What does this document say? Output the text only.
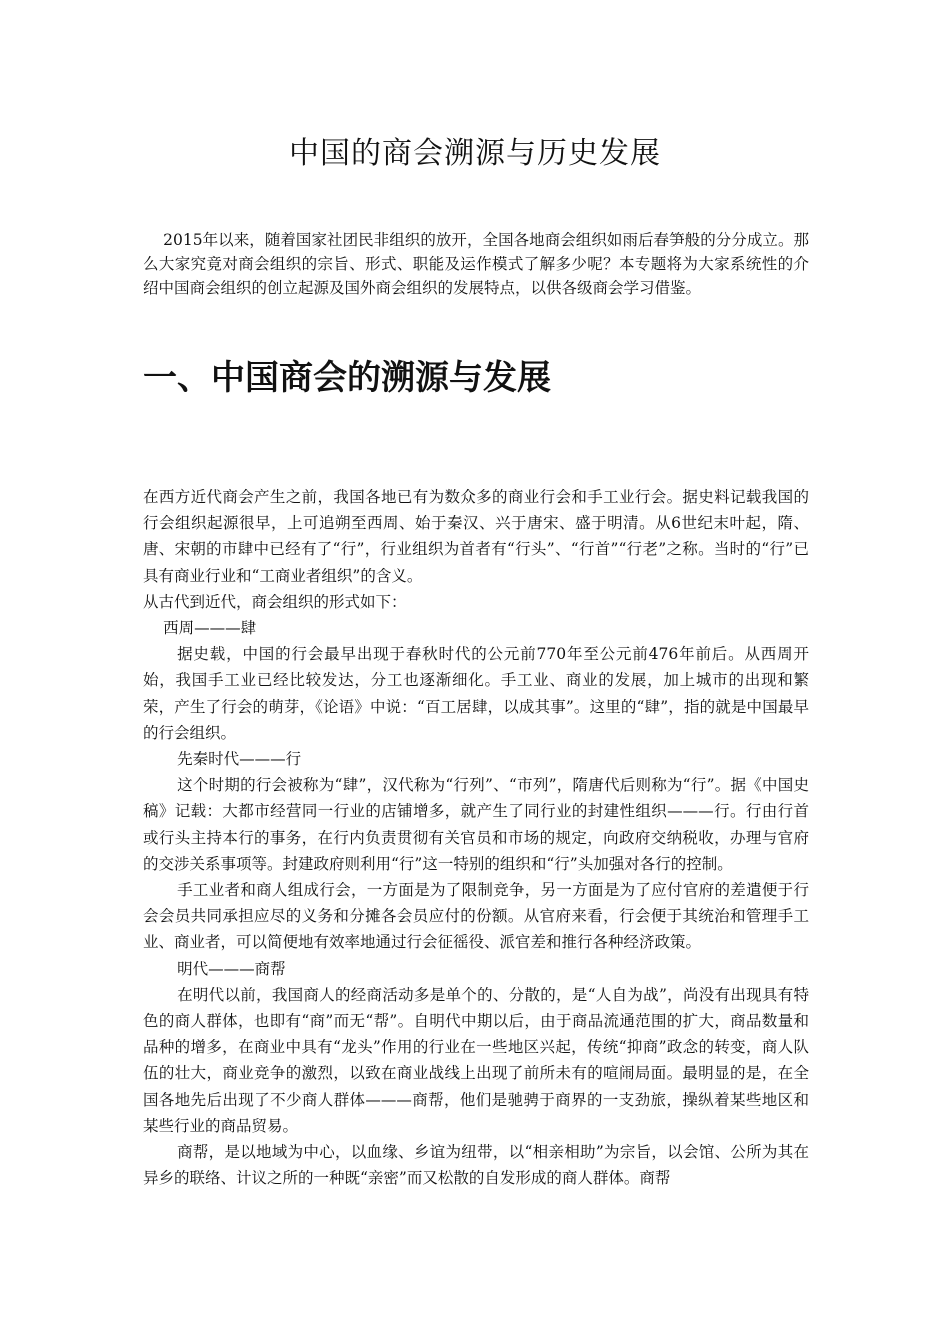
中国的商会溯源与历史发展

2015年以来，随着国家社团民非组织的放开，全国各地商会组织如雨后春笋般的分分成立。那么大家究竟对商会组织的宗旨、形式、职能及运作模式了解多少呢？本专题将为大家系统性的介绍中国商会组织的创立起源及国外商会组织的发展特点，以供各级商会学习借鉴。

一、中国商会的溯源与发展

在西方近代商会产生之前，我国各地已有为数众多的商业行会和手工业行会。据史料记载我国的行会组织起源很早，上可追朔至西周、始于秦汉、兴于唐宋、盛于明清。从6世纪末叶起，隋、唐、宋朝的市肆中已经有了“行”，行业组织为首者有“行头”、“行首”“行老”之称。当时的“行”已具有商业行业和“工商业者组织”的含义。

从古代到近代，商会组织的形式如下：

西周———肆

据史载，中国的行会最早出现于春秋时代的公元前770年至公元前476年前后。从西周开始，我国手工业已经比较发达，分工也逐渐细化。手工业、商业的发展，加上城市的出现和繁荣，产生了行会的萌芽，《论语》中说：“百工居肆，以成其事”。这里的“肆”，指的就是中国最早的行会组织。

先秦时代———行

这个时期的行会被称为“肆”，汉代称为“行列”、“市列”，隋唐代后则称为“行”。据《中国史稿》记载：大都市经营同一行业的店铺增多，就产生了同行业的封建性组织———行。行由行首或行头主持本行的事务，在行内负责贯彻有关官员和市场的规定，向政府交纳税收，办理与官府的交涉关系事项等。封建政府则利用“行”这一特别的组织和“行”头加强对各行的控制。

手工业者和商人组成行会，一方面是为了限制竞争，另一方面是为了应付官府的差遣便于行会会员共同承担应尽的义务和分摊各会员应付的份额。从官府来看，行会便于其统治和管理手工业、商业者，可以简便地有效率地通过行会征徭役、派官差和推行各种经济政策。

明代———商帮

在明代以前，我国商人的经商活动多是单个的、分散的，是“人自为战”，尚没有出现具有特色的商人群体，也即有“商”而无“帮”。自明代中期以后，由于商品流通范围的扩大，商品数量和品种的增多，在商业中具有“龙头”作用的行业在一些地区兴起，传统“抑商”政念的转变，商人队伍的壮大，商业竞争的激烈，以致在商业战线上出现了前所未有的喧闹局面。最明显的是，在全国各地先后出现了不少商人群体———商帮，他们是驰骋于商界的一支劲旅，操纵着某些地区和某些行业的商品贸易。

商帮，是以地域为中心，以血缘、乡谊为纽带，以“相亲相助”为宗旨，以会馆、公所为其在异乡的联络、计议之所的一种既“亲密”而又松散的自发形成的商人群体。商帮
